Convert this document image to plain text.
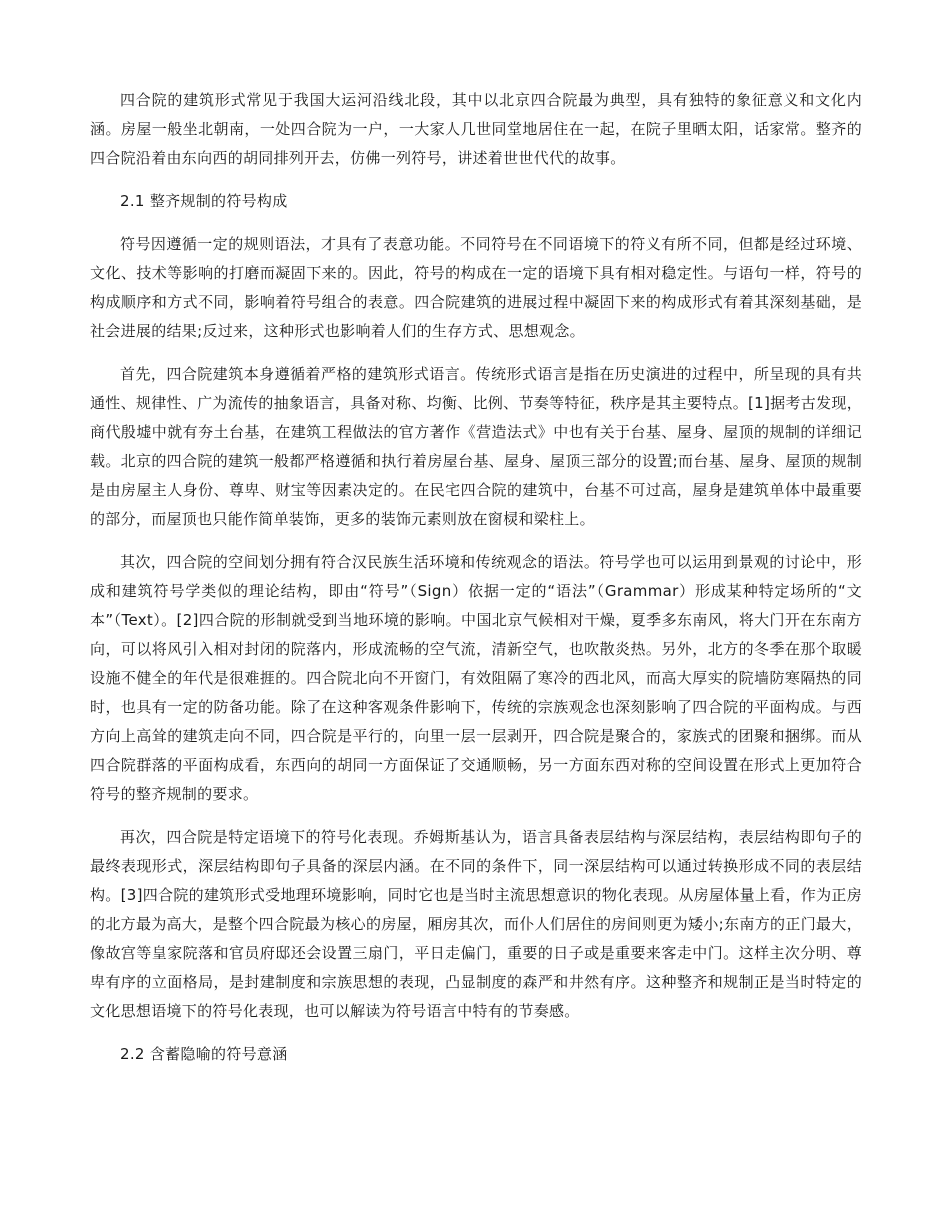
四合院的建筑形式常见于我国大运河沿线北段，其中以北京四合院最为典型，具有独特的象征意义和文化内涵。房屋一般坐北朝南，一处四合院为一户，一大家人几世同堂地居住在一起，在院子里晒太阳，话家常。整齐的四合院沿着由东向西的胡同排列开去，仿佛一列符号，讲述着世世代代的故事。

2.1 整齐规制的符号构成

符号因遵循一定的规则语法，才具有了表意功能。不同符号在不同语境下的符义有所不同，但都是经过环境、文化、技术等影响的打磨而凝固下来的。因此，符号的构成在一定的语境下具有相对稳定性。与语句一样，符号的构成顺序和方式不同，影响着符号组合的表意。四合院建筑的进展过程中凝固下来的构成形式有着其深刻基础，是社会进展的结果;反过来，这种形式也影响着人们的生存方式、思想观念。

首先，四合院建筑本身遵循着严格的建筑形式语言。传统形式语言是指在历史演进的过程中，所呈现的具有共通性、规律性、广为流传的抽象语言，具备对称、均衡、比例、节奏等特征，秩序是其主要特点。[1]据考古发现，商代殷墟中就有夯土台基，在建筑工程做法的官方著作《营造法式》中也有关于台基、屋身、屋顶的规制的详细记载。北京的四合院的建筑一般都严格遵循和执行着房屋台基、屋身、屋顶三部分的设置;而台基、屋身、屋顶的规制是由房屋主人身份、尊卑、财宝等因素决定的。在民宅四合院的建筑中，台基不可过高，屋身是建筑单体中最重要的部分，而屋顶也只能作简单装饰，更多的装饰元素则放在窗棂和梁柱上。

其次，四合院的空间划分拥有符合汉民族生活环境和传统观念的语法。符号学也可以运用到景观的讨论中，形成和建筑符号学类似的理论结构，即由“符号”（Sign）依据一定的“语法”（Grammar）形成某种特定场所的“文本”（Text）。[2]四合院的形制就受到当地环境的影响。中国北京气候相对干燥，夏季多东南风，将大门开在东南方向，可以将风引入相对封闭的院落内，形成流畅的空气流，清新空气，也吹散炎热。另外，北方的冬季在那个取暖设施不健全的年代是很难捱的。四合院北向不开窗门，有效阻隔了寒冷的西北风，而高大厚实的院墙防寒隔热的同时，也具有一定的防备功能。除了在这种客观条件影响下，传统的宗族观念也深刻影响了四合院的平面构成。与西方向上高耸的建筑走向不同，四合院是平行的，向里一层一层剥开，四合院是聚合的，家族式的团聚和捆绑。而从四合院群落的平面构成看，东西向的胡同一方面保证了交通顺畅，另一方面东西对称的空间设置在形式上更加符合符号的整齐规制的要求。

再次，四合院是特定语境下的符号化表现。乔姆斯基认为，语言具备表层结构与深层结构，表层结构即句子的最终表现形式，深层结构即句子具备的深层内涵。在不同的条件下，同一深层结构可以通过转换形成不同的表层结构。[3]四合院的建筑形式受地理环境影响，同时它也是当时主流思想意识的物化表现。从房屋体量上看，作为正房的北方最为高大，是整个四合院最为核心的房屋，厢房其次，而仆人们居住的房间则更为矮小;东南方的正门最大，像故宫等皇家院落和官员府邸还会设置三扇门，平日走偏门，重要的日子或是重要来客走中门。这样主次分明、尊卑有序的立面格局，是封建制度和宗族思想的表现，凸显制度的森严和井然有序。这种整齐和规制正是当时特定的文化思想语境下的符号化表现，也可以解读为符号语言中特有的节奏感。

2.2 含蓄隐喻的符号意涵
